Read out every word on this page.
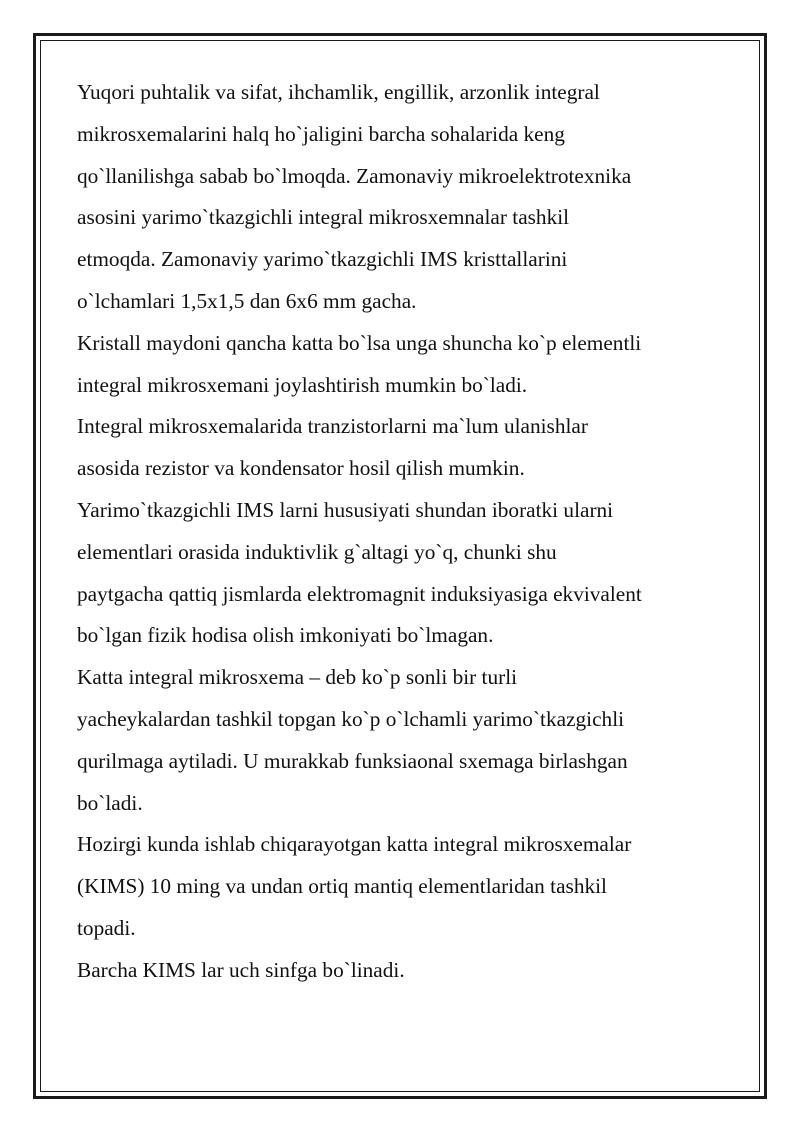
Yuqori puhtalik va sifat, ihchamlik, engillik, arzonlik integral
mikrosxemalarini halq ho`jaligini barcha sohalarida keng
qo`llanilishga sabab bo`lmoqda. Zamonaviy mikroelektrotexnika
asosini yarimo`tkazgichli integral mikrosxemnalar tashkil
etmoqda. Zamonaviy yarimo`tkazgichli IMS kristtallarini
o`lchamlari 1,5x1,5 dan 6x6 mm gacha.

Kristall maydoni qancha katta bo`lsa unga shuncha ko`p elementli
integral mikrosxemani joylashtirish mumkin bo`ladi.

Integral mikrosxemalarida tranzistorlarni ma`lum ulanishlar
asosida rezistor va kondensator hosil qilish mumkin.

Yarimo`tkazgichli IMS larni hususiyati shundan iboratki ularni
elementlari orasida induktivlik g`altagi yo`q, chunki shu
paytgacha qattiq jismlarda elektromagnit induksiyasiga ekvivalent
bo`lgan fizik hodisa olish imkoniyati bo`lmagan.

Katta integral mikrosxema – deb ko`p sonli bir turli
yacheykalardan tashkil topgan ko`p o`lchamli yarimo`tkazgichli
qurilmaga aytiladi. U murakkab funksiaonal sxemaga birlashgan
bo`ladi.

Hozirgi kunda ishlab chiqarayotgan katta integral mikrosxemalar
(KIMS) 10 ming va undan ortiq mantiq elementlaridan tashkil
topadi.

Barcha KIMS lar uch sinfga bo`linadi.
